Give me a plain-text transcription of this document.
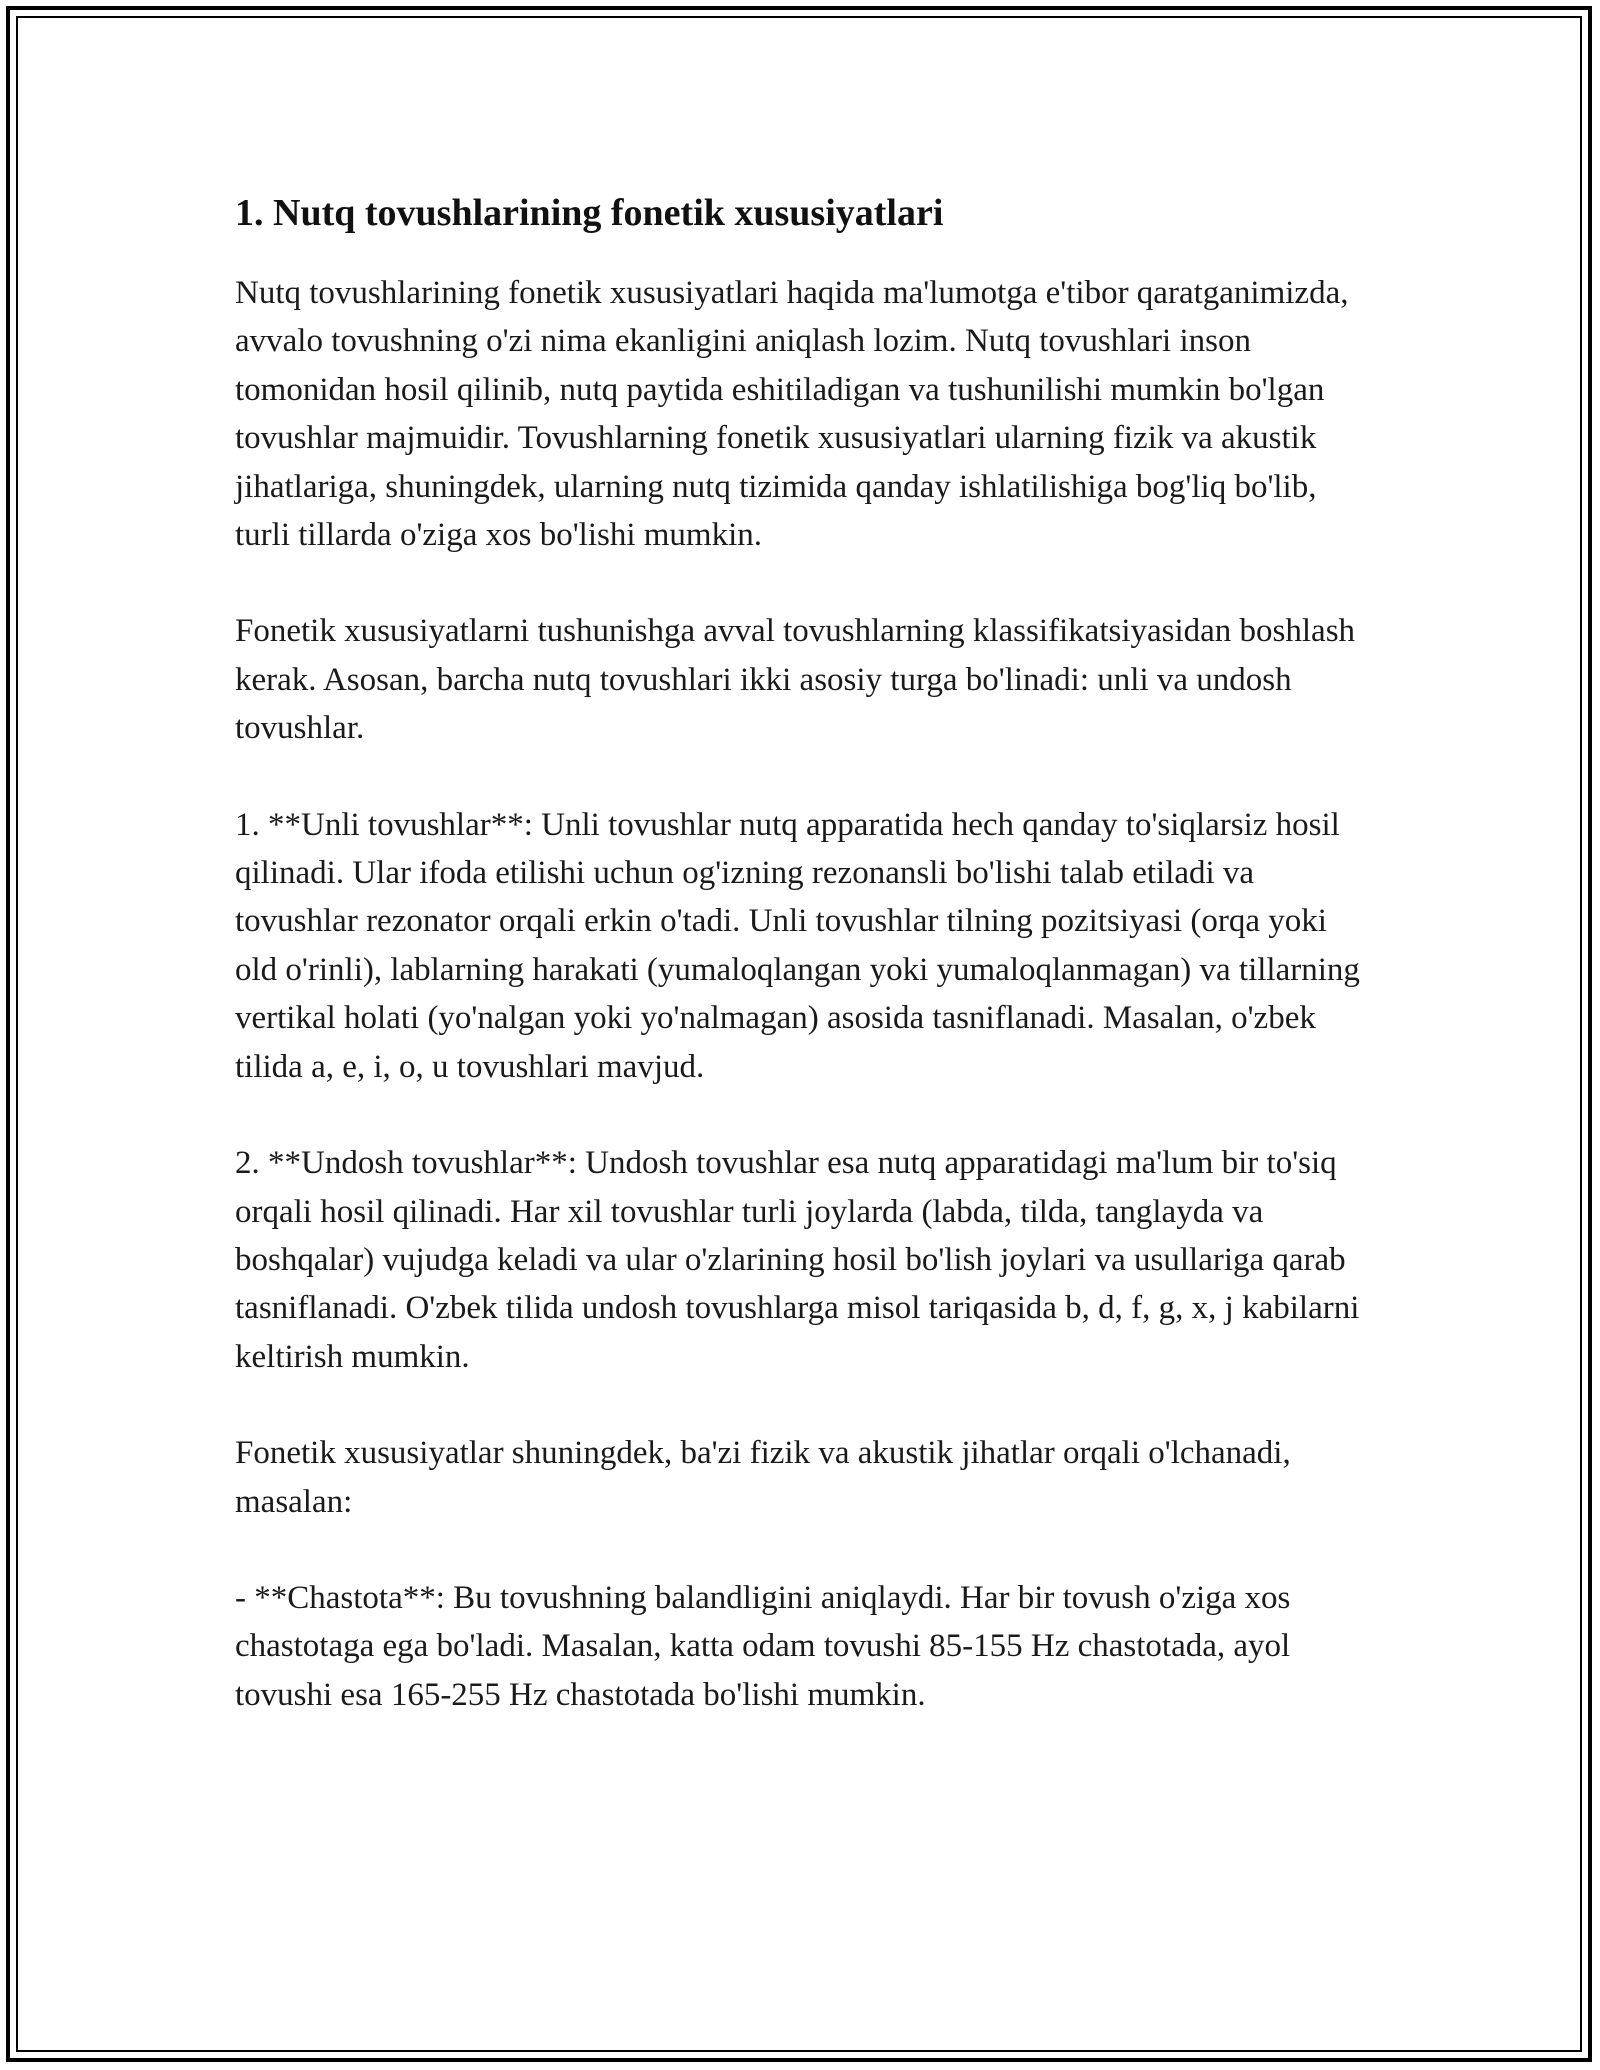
1. Nutq tovushlarining fonetik xususiyatlari

Nutq tovushlarining fonetik xususiyatlari haqida ma'lumotga e'tibor qaratganimizda, avvalo tovushning o'zi nima ekanligini aniqlash lozim. Nutq tovushlari inson tomonidan hosil qilinib, nutq paytida eshitiladigan va tushunilishi mumkin bo'lgan tovushlar majmuidir. Tovushlarning fonetik xususiyatlari ularning fizik va akustik jihatlariga, shuningdek, ularning nutq tizimida qanday ishlatilishiga bog'liq bo'lib, turli tillarda o'ziga xos bo'lishi mumkin.

Fonetik xususiyatlarni tushunishga avval tovushlarning klassifikatsiyasidan boshlash kerak. Asosan, barcha nutq tovushlari ikki asosiy turga bo'linadi: unli va undosh tovushlar.

1. **Unli tovushlar**: Unli tovushlar nutq apparatida hech qanday to'siqlarsiz hosil qilinadi. Ular ifoda etilishi uchun og'izning rezonansli bo'lishi talab etiladi va tovushlar rezonator orqali erkin o'tadi. Unli tovushlar tilning pozitsiyasi (orqa yoki old o'rinli), lablarning harakati (yumaloqlangan yoki yumaloqlanmagan) va tillarning vertikal holati (yo'nalgan yoki yo'nalmagan) asosida tasniflanadi. Masalan, o'zbek tilida a, e, i, o, u tovushlari mavjud.

2. **Undosh tovushlar**: Undosh tovushlar esa nutq apparatidagi ma'lum bir to'siq orqali hosil qilinadi. Har xil tovushlar turli joylarda (labda, tilda, tanglayda va boshqalar) vujudga keladi va ular o'zlarining hosil bo'lish joylari va usullariga qarab tasniflanadi. O'zbek tilida undosh tovushlarga misol tariqasida b, d, f, g, x, j kabilarni keltirish mumkin.

Fonetik xususiyatlar shuningdek, ba'zi fizik va akustik jihatlar orqali o'lchanadi, masalan:

- **Chastota**: Bu tovushning balandligini aniqlaydi. Har bir tovush o'ziga xos chastotaga ega bo'ladi. Masalan, katta odam tovushi 85-155 Hz chastotada, ayol tovushi esa 165-255 Hz chastotada bo'lishi mumkin.
